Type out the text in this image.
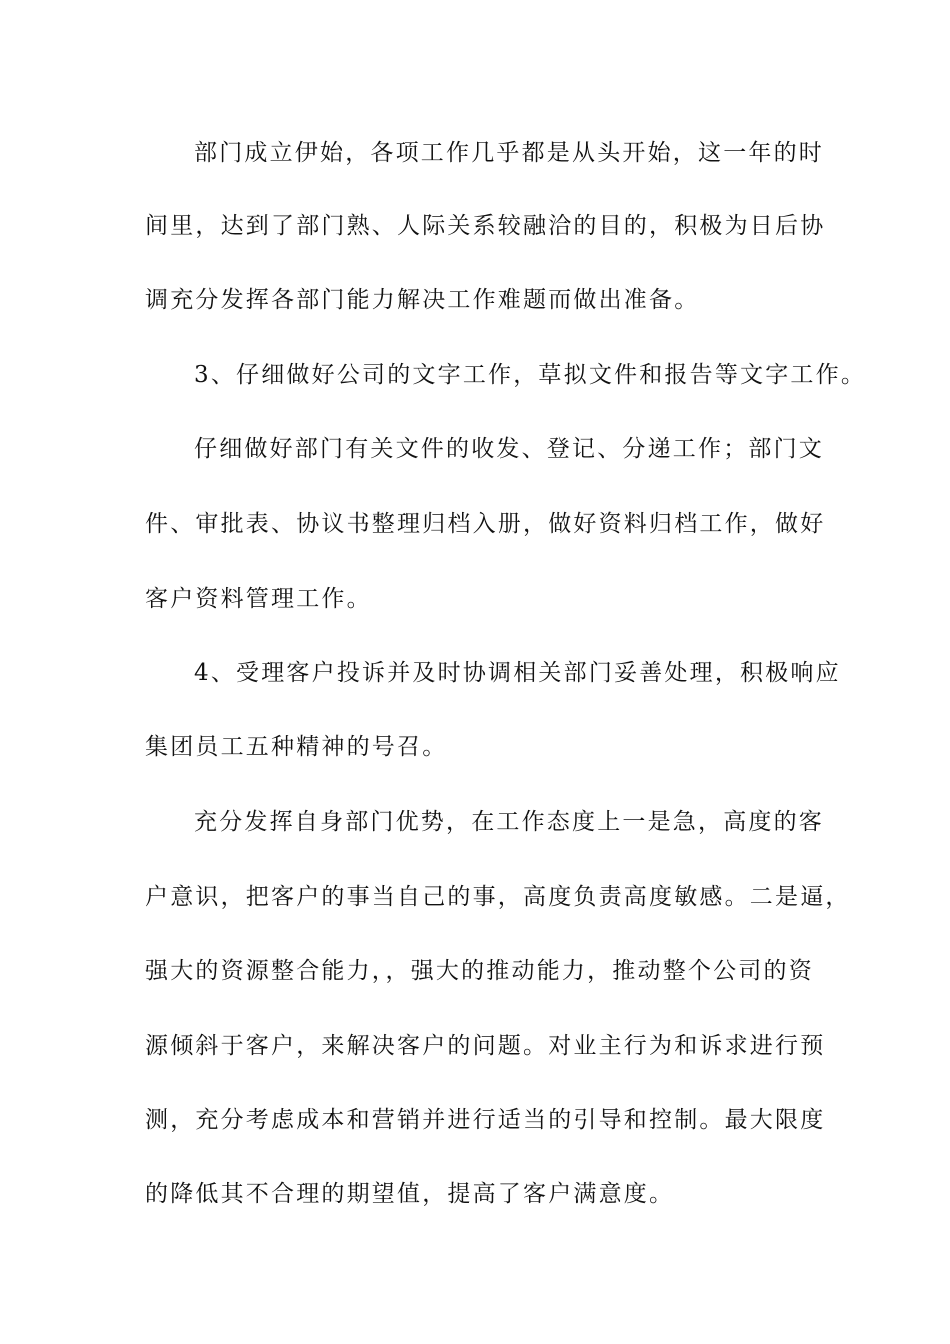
部门成立伊始，各项工作几乎都是从头开始，这一年的时
间里，达到了部门熟、人际关系较融洽的目的，积极为日后协
调充分发挥各部门能力解决工作难题而做出准备。
3、仔细做好公司的文字工作，草拟文件和报告等文字工作。
仔细做好部门有关文件的收发、登记、分递工作；部门文
件、审批表、协议书整理归档入册，做好资料归档工作，做好
客户资料管理工作。
4、受理客户投诉并及时协调相关部门妥善处理，积极响应
集团员工五种精神的号召。
充分发挥自身部门优势，在工作态度上一是急，高度的客
户意识，把客户的事当自己的事，高度负责高度敏感。二是逼，
强大的资源整合能力，，强大的推动能力，推动整个公司的资
源倾斜于客户，来解决客户的问题。对业主行为和诉求进行预
测，充分考虑成本和营销并进行适当的引导和控制。最大限度
的降低其不合理的期望值，提高了客户满意度。
